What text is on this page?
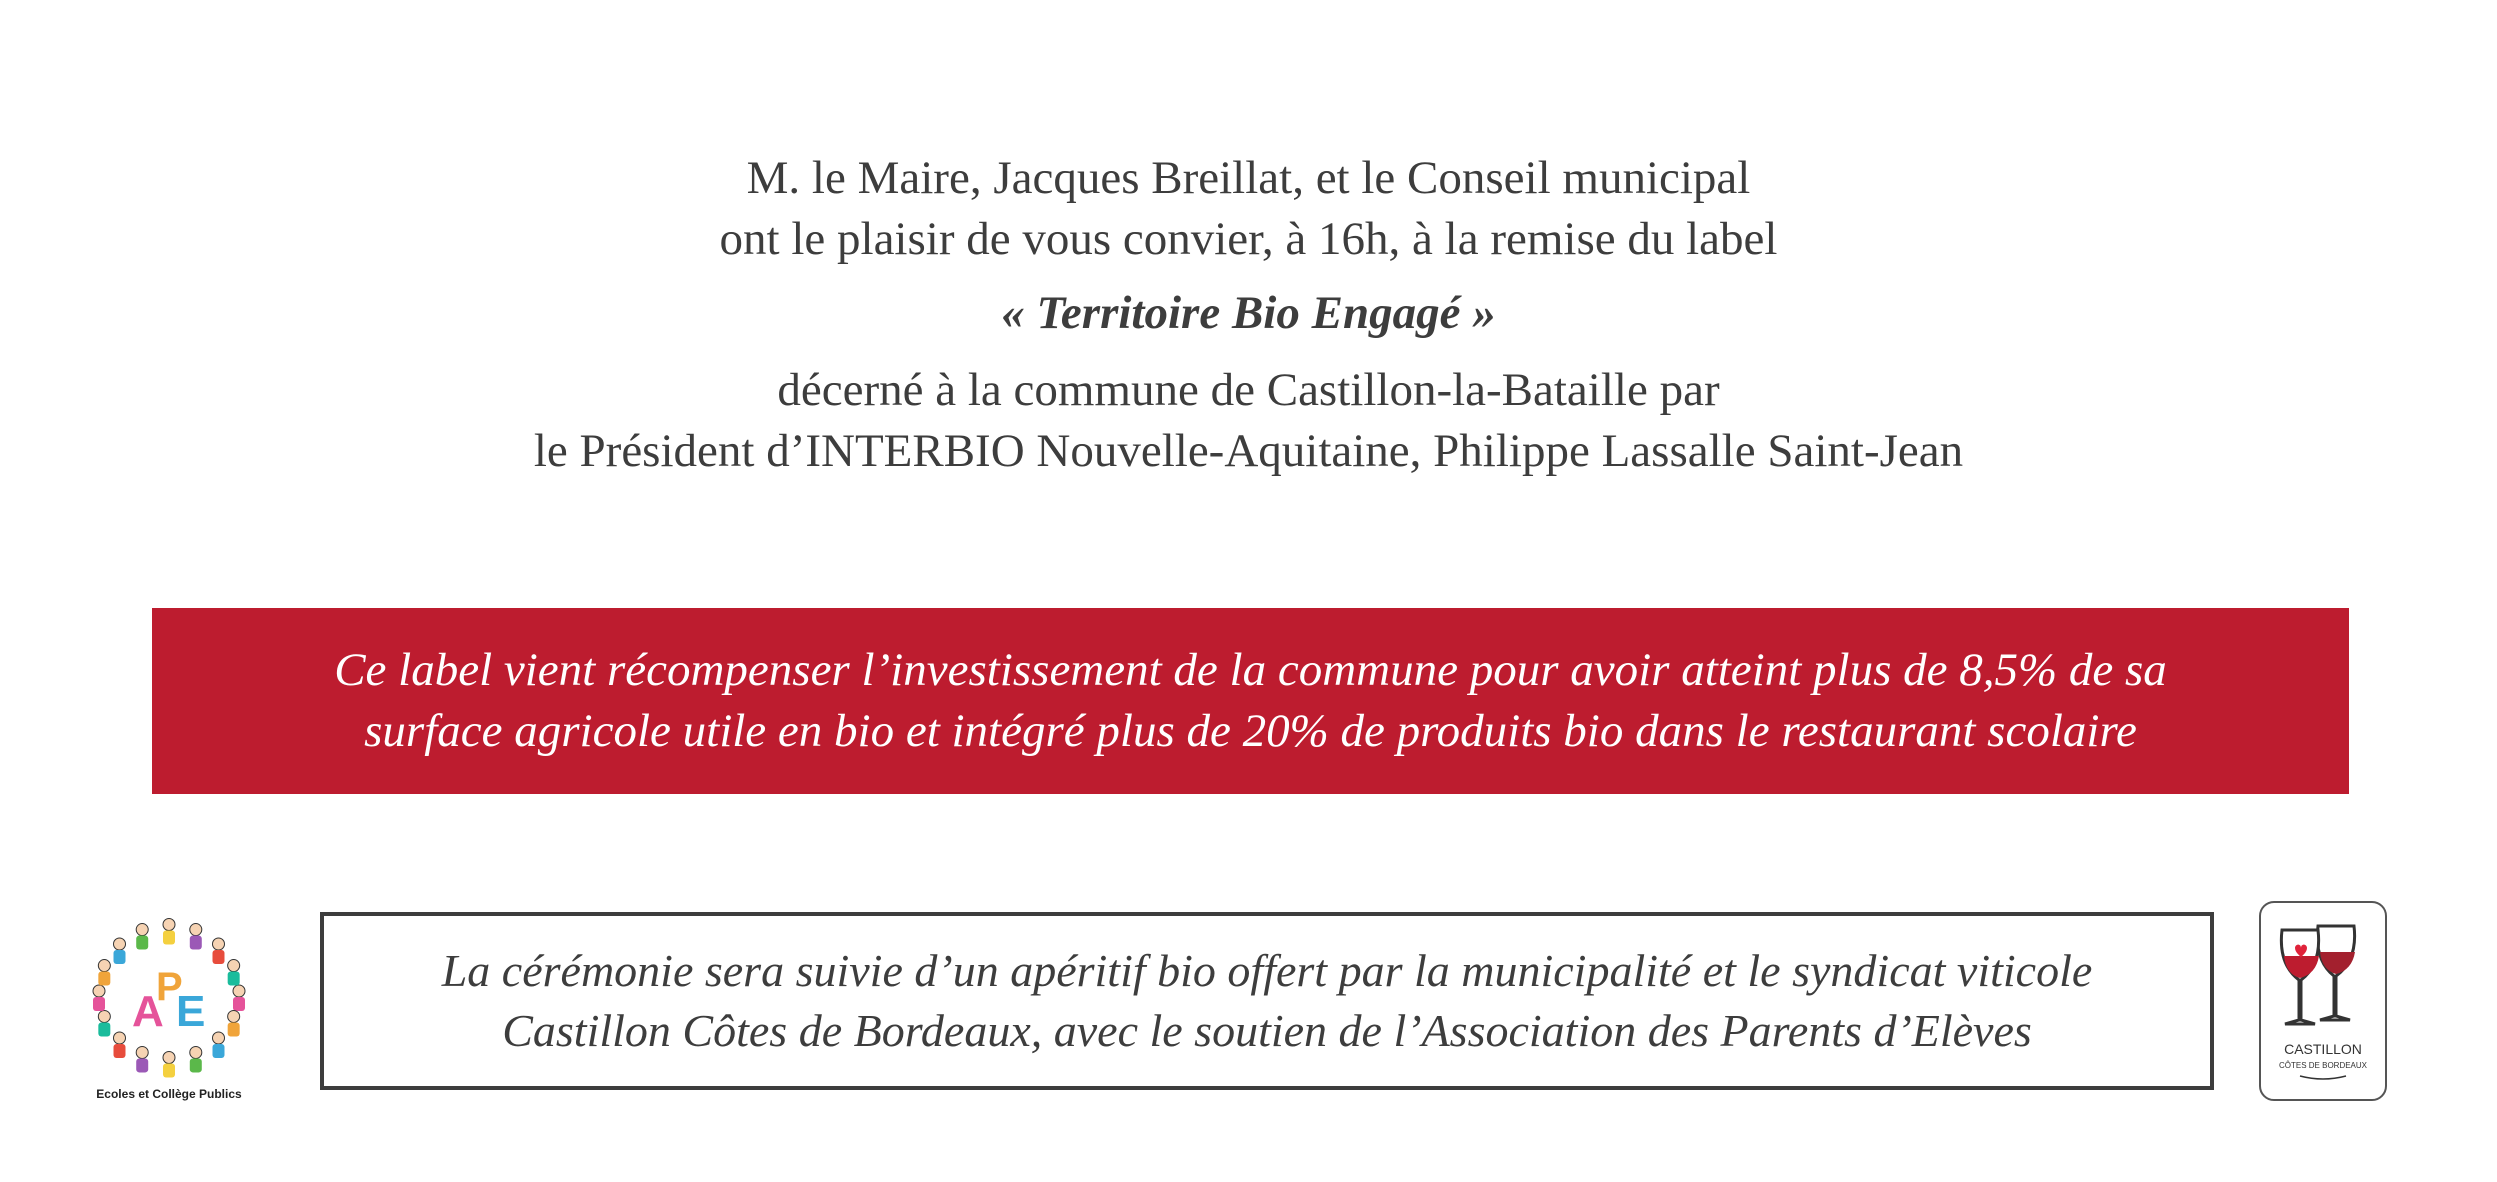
M. le Maire, Jacques Breillat, et le Conseil municipal
ont le plaisir de vous convier, à 16h, à la remise du label
« Territoire Bio Engagé »
décerné à la commune de Castillon-la-Bataille par
le Président d’INTERBIO Nouvelle-Aquitaine, Philippe Lassalle Saint-Jean
Ce label vient récompenser l’investissement de la commune pour avoir atteint plus de 8,5% de sa
surface agricole utile en bio et intégré plus de 20% de produits bio dans le restaurant scolaire
A
P
E
Ecoles et Collège Publics
La cérémonie sera suivie d’un apéritif bio offert par la municipalité et le syndicat viticole
Castillon Côtes de Bordeaux, avec le soutien de l’Association des Parents d’Elèves	CASTILLON
CÔTES DE BORDEAUX
